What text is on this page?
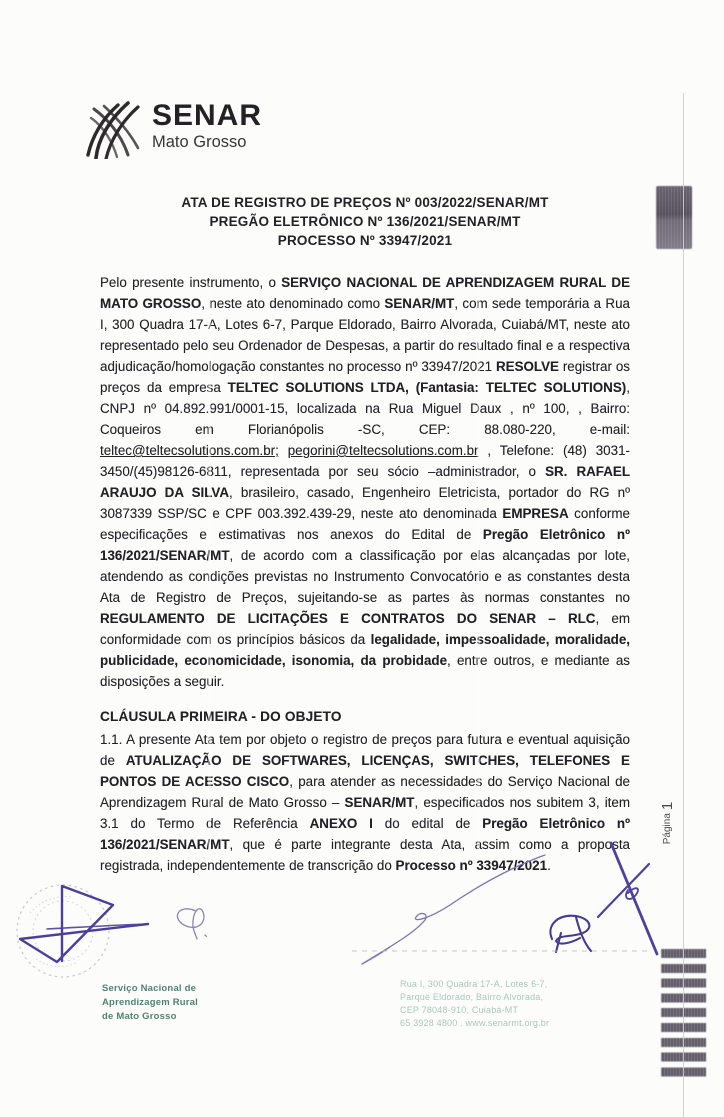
SENAR
Mato Grosso
ATA DE REGISTRO DE PREÇOS Nº 003/2022/SENAR/MT
PREGÃO ELETRÔNICO Nº 136/2021/SENAR/MT
PROCESSO Nº 33947/2021

Pelo presente instrumento, o SERVIÇO NACIONAL DE APRENDIZAGEM RURAL DE MATO GROSSO, neste ato denominado como SENAR/MT, com sede temporária a Rua I, 300 Quadra 17-A, Lotes 6-7, Parque Eldorado, Bairro Alvorada, Cuiabá/MT, neste ato representado pelo seu Ordenador de Despesas, a partir do resultado final e a respectiva adjudicação/homologação constantes no processo nº 33947/2021 RESOLVE registrar os preços da empresa TELTEC SOLUTIONS LTDA, (Fantasia: TELTEC SOLUTIONS), CNPJ nº 04.892.991/0001-15, localizada na Rua Miguel Daux , nº 100, , Bairro: Coqueiros em Florianópolis -SC, CEP: 88.080-220, e-mail: teltec@teltecsolutions.com.br; pegorini@teltecsolutions.com.br , Telefone: (48) 3031-3450/(45)98126-6811, representada por seu sócio –administrador, o SR. RAFAEL ARAUJO DA SILVA, brasileiro, casado, Engenheiro Eletricista, portador do RG nº 3087339 SSP/SC e CPF 003.392.439-29, neste ato denominada EMPRESA conforme especificações e estimativas nos anexos do Edital de Pregão Eletrônico nº 136/2021/SENAR/MT, de acordo com a classificação por elas alcançadas por lote, atendendo as condições previstas no Instrumento Convocatório e as constantes desta Ata de Registro de Preços, sujeitando-se as partes às normas constantes no REGULAMENTO DE LICITAÇÕES E CONTRATOS DO SENAR – RLC, em conformidade com os princípios básicos da legalidade, impessoalidade, moralidade, publicidade, economicidade, isonomia, da probidade, entre outros, e mediante as disposições a seguir.

CLÁUSULA PRIMEIRA - DO OBJETO

1.1. A presente Ata tem por objeto o registro de preços para futura e eventual aquisição de ATUALIZAÇÃO DE SOFTWARES, LICENÇAS, SWITCHES, TELEFONES E PONTOS DE ACESSO CISCO, para atender as necessidades do Serviço Nacional de Aprendizagem Rural de Mato Grosso – SENAR/MT, especificados nos subitem 3, item 3.1 do Termo de Referência ANEXO I do edital de Pregão Eletrônico nº 136/2021/SENAR/MT, que é parte integrante desta Ata, assim como a proposta registrada, independentemente de transcrição do Processo nº 33947/2021.

Página
1
Serviço Nacional de
Aprendizagem Rural
de Mato Grosso
Rua I, 300 Quadra 17-A, Lotes 6-7,
Parque Eldorado, Bairro Alvorada,
CEP 78048-910, Cuiabá-MT
65 3928 4800 . www.senarmt.org.br
